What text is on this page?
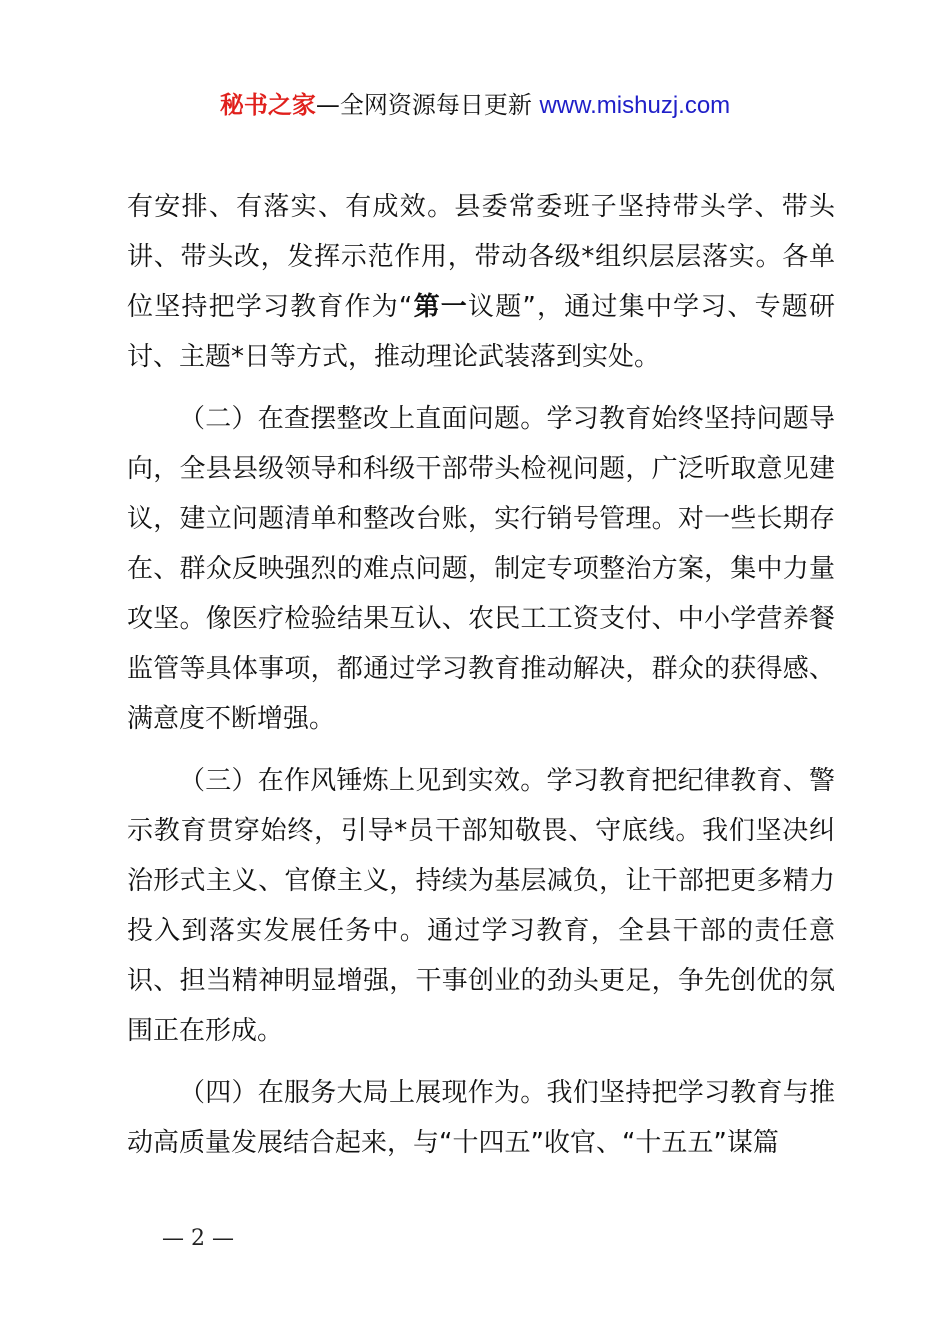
秘书之家—全网资源每日更新 www.mishuzj.com

有安排、有落实、有成效。县委常委班子坚持带头学、带头讲、带头改，发挥示范作用，带动各级*组织层层落实。各单位坚持把学习教育作为“第一议题”，通过集中学习、专题研讨、主题*日等方式，推动理论武装落到实处。

（二）在查摆整改上直面问题。学习教育始终坚持问题导向，全县县级领导和科级干部带头检视问题，广泛听取意见建议，建立问题清单和整改台账，实行销号管理。对一些长期存在、群众反映强烈的难点问题，制定专项整治方案，集中力量攻坚。像医疗检验结果互认、农民工工资支付、中小学营养餐监管等具体事项，都通过学习教育推动解决，群众的获得感、满意度不断增强。

（三）在作风锤炼上见到实效。学习教育把纪律教育、警示教育贯穿始终，引导*员干部知敬畏、守底线。我们坚决纠治形式主义、官僚主义，持续为基层减负，让干部把更多精力投入到落实发展任务中。通过学习教育，全县干部的责任意识、担当精神明显增强，干事创业的劲头更足，争先创优的氛围正在形成。

（四）在服务大局上展现作为。我们坚持把学习教育与推动高质量发展结合起来，与“十四五”收官、“十五五”谋篇

— 2 —
